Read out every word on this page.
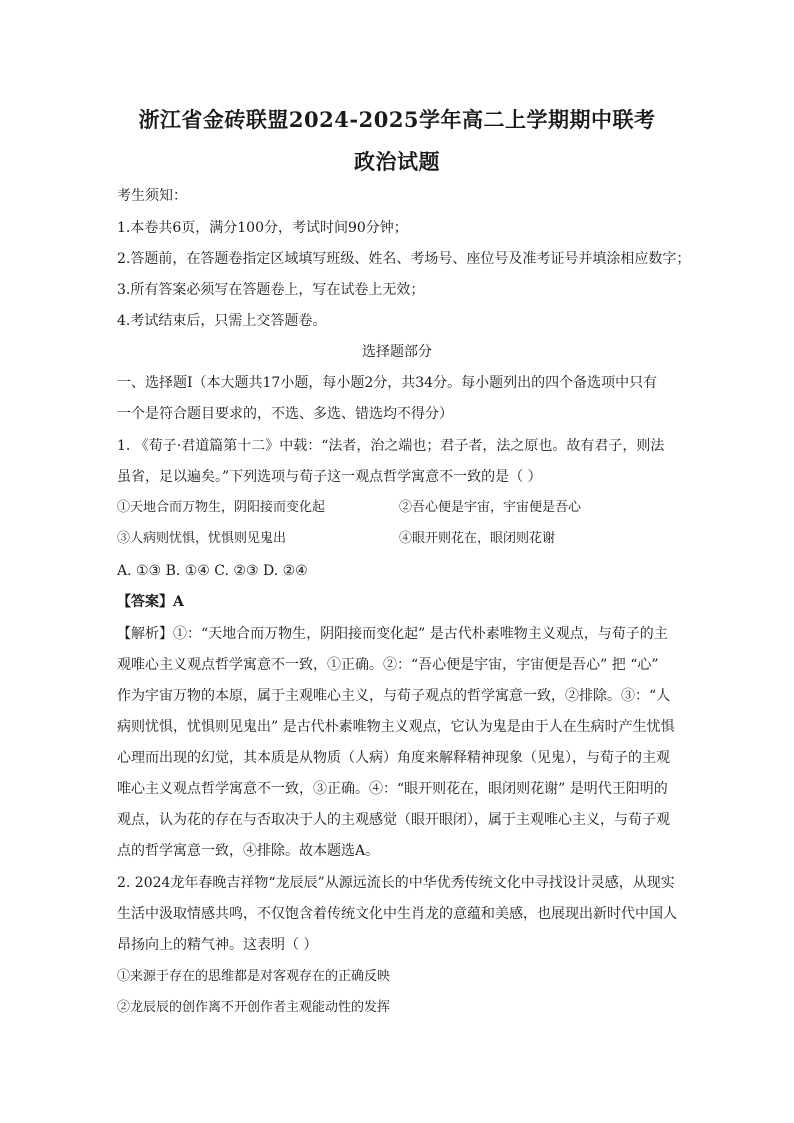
浙江省金砖联盟2024-2025学年高二上学期期中联考
政治试题
考生须知：
1.本卷共6页，满分100分，考试时间90分钟；
2.答题前，在答题卷指定区域填写班级、姓名、考场号、座位号及准考证号并填涂相应数字；
3.所有答案必须写在答题卷上，写在试卷上无效；
4.考试结束后，只需上交答题卷。
选择题部分
一、选择题Ⅰ（本大题共17小题，每小题2分，共34分。每小题列出的四个备选项中只有
一个是符合题目要求的，不选、多选、错选均不得分）
1. 《荀子·君道篇第十二》中载：“法者，治之端也；君子者，法之原也。故有君子，则法
虽省，足以遍矣。”下列选项与荀子这一观点哲学寓意不一致的是（ ）
①天地合而万物生，阴阳接而变化起	②吾心便是宇宙，宇宙便是吾心
③人病则忧惧，忧惧则见鬼出	④眼开则花在，眼闭则花谢
A. ①③ B. ①④ C. ②③ D. ②④
【答案】A
【解析】①：“天地合而万物生，阴阳接而变化起” 是古代朴素唯物主义观点，与荀子的主
观唯心主义观点哲学寓意不一致，①正确。②：“吾心便是宇宙，宇宙便是吾心” 把 “心”
作为宇宙万物的本原，属于主观唯心主义，与荀子观点的哲学寓意一致，②排除。③：“人
病则忧惧，忧惧则见鬼出” 是古代朴素唯物主义观点，它认为鬼是由于人在生病时产生忧惧
心理而出现的幻觉，其本质是从物质（人病）角度来解释精神现象（见鬼），与荀子的主观
唯心主义观点哲学寓意不一致，③正确。④：“眼开则花在，眼闭则花谢” 是明代王阳明的
观点，认为花的存在与否取决于人的主观感觉（眼开眼闭），属于主观唯心主义，与荀子观
点的哲学寓意一致，④排除。故本题选A。
2. 2024龙年春晚吉祥物“龙辰辰”从源远流长的中华优秀传统文化中寻找设计灵感，从现实
生活中汲取情感共鸣，不仅饱含着传统文化中生肖龙的意蕴和美感，也展现出新时代中国人
昂扬向上的精气神。这表明（ ）
①来源于存在的思维都是对客观存在的正确反映
②龙辰辰的创作离不开创作者主观能动性的发挥
